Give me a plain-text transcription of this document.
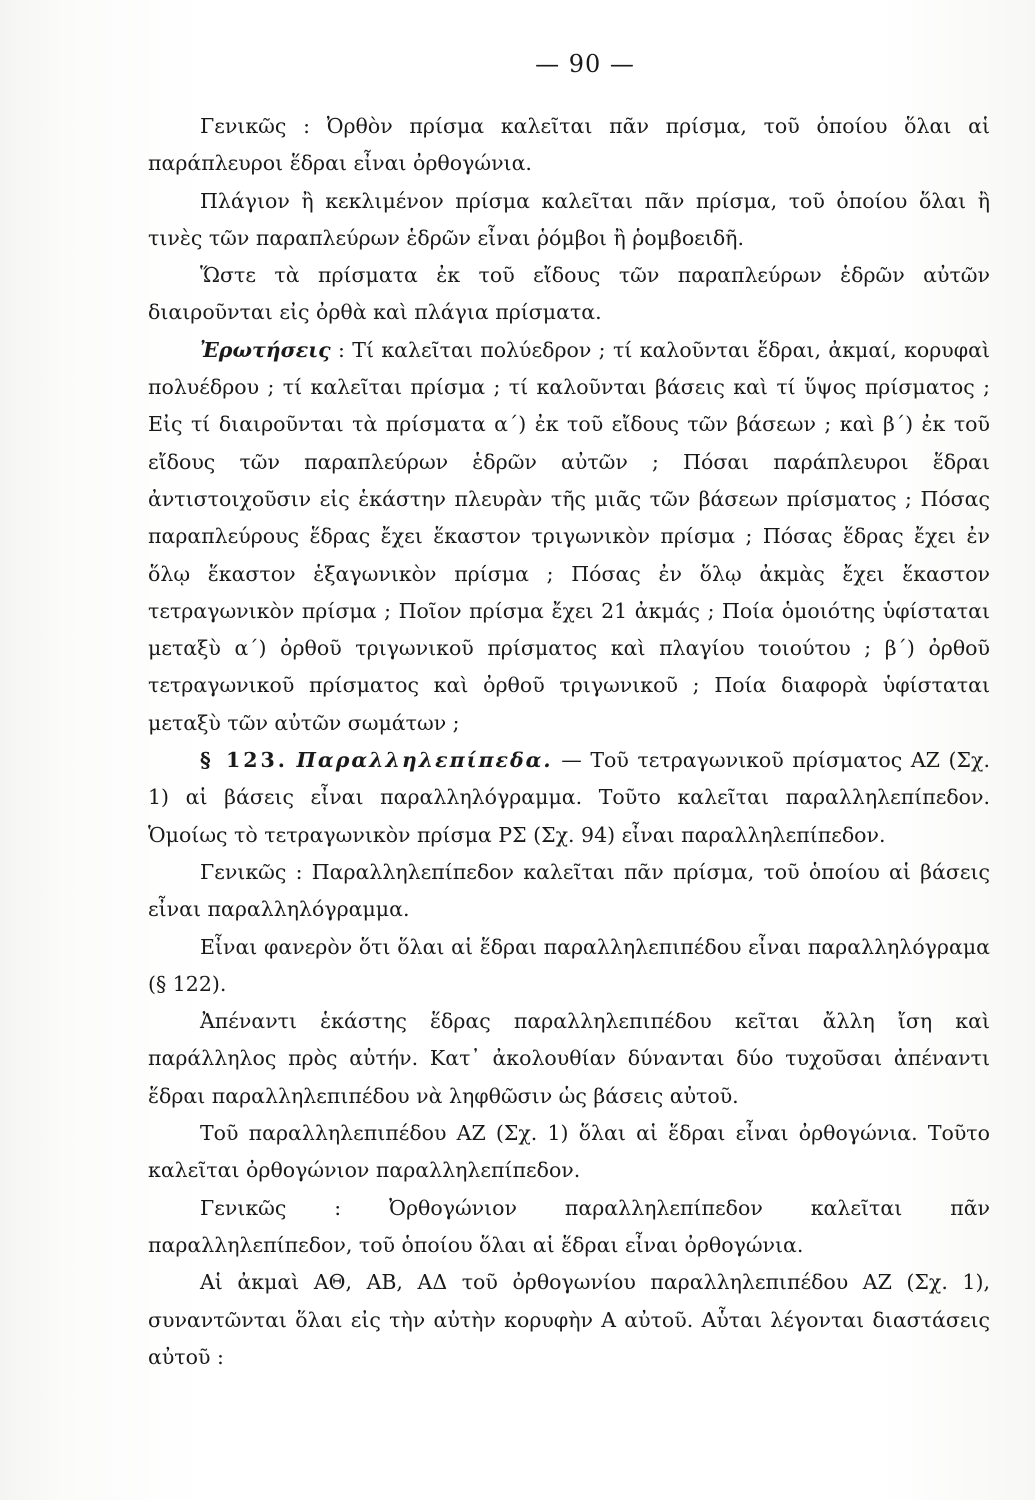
— 90 —

Γενικῶς : Ὀρθὸν πρίσμα καλεῖται πᾶν πρίσμα, τοῦ ὁποίου ὅλαι αἱ παράπλευροι ἕδραι εἶναι ὀρθογώνια.

Πλάγιον ἢ κεκλιμένον πρίσμα καλεῖται πᾶν πρίσμα, τοῦ ὁποίου ὅλαι ἢ τινὲς τῶν παραπλεύρων ἑδρῶν εἶναι ῥόμβοι ἢ ῥομβοειδῆ.

Ὥστε τὰ πρίσματα ἐκ τοῦ εἴδους τῶν παραπλεύρων ἑδρῶν αὐτῶν διαιροῦνται εἰς ὀρθὰ καὶ πλάγια πρίσματα.

Ἐρωτήσεις : Τί καλεῖται πολύεδρον ; τί καλοῦνται ἕδραι, ἀκμαί, κορυφαὶ πολυέδρου ; τί καλεῖται πρίσμα ; τί καλοῦνται βάσεις καὶ τί ὕψος πρίσματος ; Εἰς τί διαιροῦνται τὰ πρίσματα α΄) ἐκ τοῦ εἴδους τῶν βάσεων ; καὶ β΄) ἐκ τοῦ εἴδους τῶν παραπλεύρων ἑδρῶν αὐτῶν ; Πόσαι παράπλευροι ἕδραι ἀντιστοιχοῦσιν εἰς ἑκάστην πλευρὰν τῆς μιᾶς τῶν βάσεων πρίσματος ; Πόσας παραπλεύρους ἕδρας ἔχει ἕκαστον τριγωνικὸν πρίσμα ; Πόσας ἕδρας ἔχει ἐν ὅλῳ ἕκαστον ἑξαγωνικὸν πρίσμα ; Πόσας ἐν ὅλῳ ἀκμὰς ἔχει ἕκαστον τετραγωνικὸν πρίσμα ; Ποῖον πρίσμα ἔχει 21 ἀκμάς ; Ποία ὁμοιότης ὑφίσταται μεταξὺ α΄) ὀρθοῦ τριγωνικοῦ πρίσματος καὶ πλαγίου τοιούτου ; β΄) ὀρθοῦ τετραγωνικοῦ πρίσματος καὶ ὀρθοῦ τριγωνικοῦ ; Ποία διαφορὰ ὑφίσταται μεταξὺ τῶν αὐτῶν σωμάτων ;

§ 123. Παραλληλεπίπεδα. — Τοῦ τετραγωνικοῦ πρίσματος ΑΖ (Σχ. 1) αἱ βάσεις εἶναι παραλληλόγραμμα. Τοῦτο καλεῖται παραλληλεπίπεδον. Ὁμοίως τὸ τετραγωνικὸν πρίσμα ΡΣ (Σχ. 94) εἶναι παραλληλεπίπεδον.

Γενικῶς : Παραλληλεπίπεδον καλεῖται πᾶν πρίσμα, τοῦ ὁποίου αἱ βάσεις εἶναι παραλληλόγραμμα.

Εἶναι φανερὸν ὅτι ὅλαι αἱ ἕδραι παραλληλεπιπέδου εἶναι παραλληλόγραμα (§ 122).

Ἀπέναντι ἑκάστης ἕδρας παραλληλεπιπέδου κεῖται ἄλλη ἴση καὶ παράλληλος πρὸς αὐτήν. Κατ᾽ ἀκολουθίαν δύνανται δύο τυχοῦσαι ἀπέναντι ἕδραι παραλληλεπιπέδου νὰ ληφθῶσιν ὡς βάσεις αὐτοῦ.

Τοῦ παραλληλεπιπέδου ΑΖ (Σχ. 1) ὅλαι αἱ ἕδραι εἶναι ὀρθογώνια. Τοῦτο καλεῖται ὀρθογώνιον παραλληλεπίπεδον.

Γενικῶς : Ὀρθογώνιον παραλληλεπίπεδον καλεῖται πᾶν παραλληλεπίπεδον, τοῦ ὁποίου ὅλαι αἱ ἕδραι εἶναι ὀρθογώνια.

Αἱ ἀκμαὶ ΑΘ, ΑΒ, ΑΔ τοῦ ὀρθογωνίου παραλληλεπιπέδου ΑΖ (Σχ. 1), συναντῶνται ὅλαι εἰς τὴν αὐτὴν κορυφὴν Α αὐτοῦ. Αὗται λέγονται διαστάσεις αὐτοῦ :
